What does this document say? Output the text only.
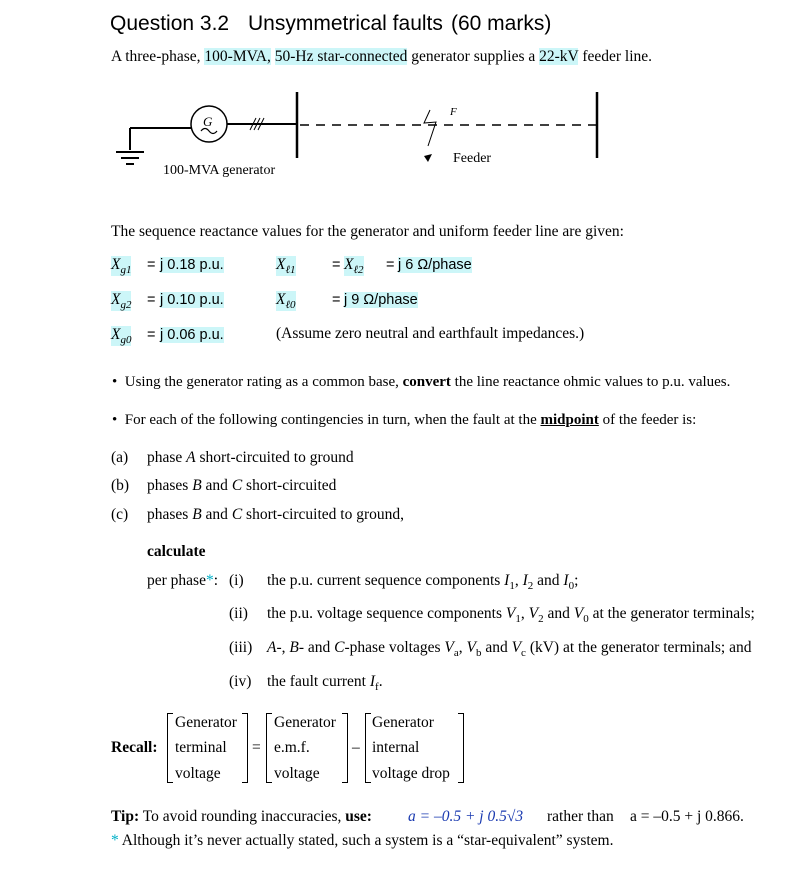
Question 3.2 Unsymmetrical faults (60 marks)
A three-phase, 100-MVA, 50-Hz star-connected generator supplies a 22-kV feeder line.
G
100-MVA generator
F
Feeder
The sequence reactance values for the generator and uniform feeder line are given:
$X_{g1} = j$ 0.18 p.u.
$X_{g2} = j$ 0.10 p.u.
$X_{g0} = j$ 0.06 p.u.
$X_{\ell 1}$	= $X_{\ell 2} = j$ 6 Ω/phase
$X_{\ell 0}$	= j 9 Ω/phase
(Assume zero neutral and earthfault impedances.)
•  Using the generator rating as a common base, convert the line reactance ohmic values to p.u. values.
•  For each of the following contingencies in turn, when the fault at the midpoint of the feeder is:
(a) phase A short-circuited to ground
(b) phases B and C short-circuited
(c) phases B and C short-circuited to ground,
calculate
per phase*: (i) the p.u. current sequence components $I_1$, $I_2$ and $I_0$;
(ii) the p.u. voltage sequence components $V_1$, $V_2$ and $V_0$ at the generator terminals;
(iii) A-, B- and C-phase voltages $V_a$, $V_b$ and $V_c$ (kV) at the generator terminals; and
(iv) the fault current $I_f$.
Recall:
Generator
terminal
voltage
=
Generator
e.m.f.
voltage
–
Generator
internal
voltage drop
Tip: To avoid rounding inaccuracies, use: a = –0.5 + j 0.5√3 rather than a = –0.5 + j 0.866.
* Although it’s never actually stated, such a system is a “star-equivalent” system.
